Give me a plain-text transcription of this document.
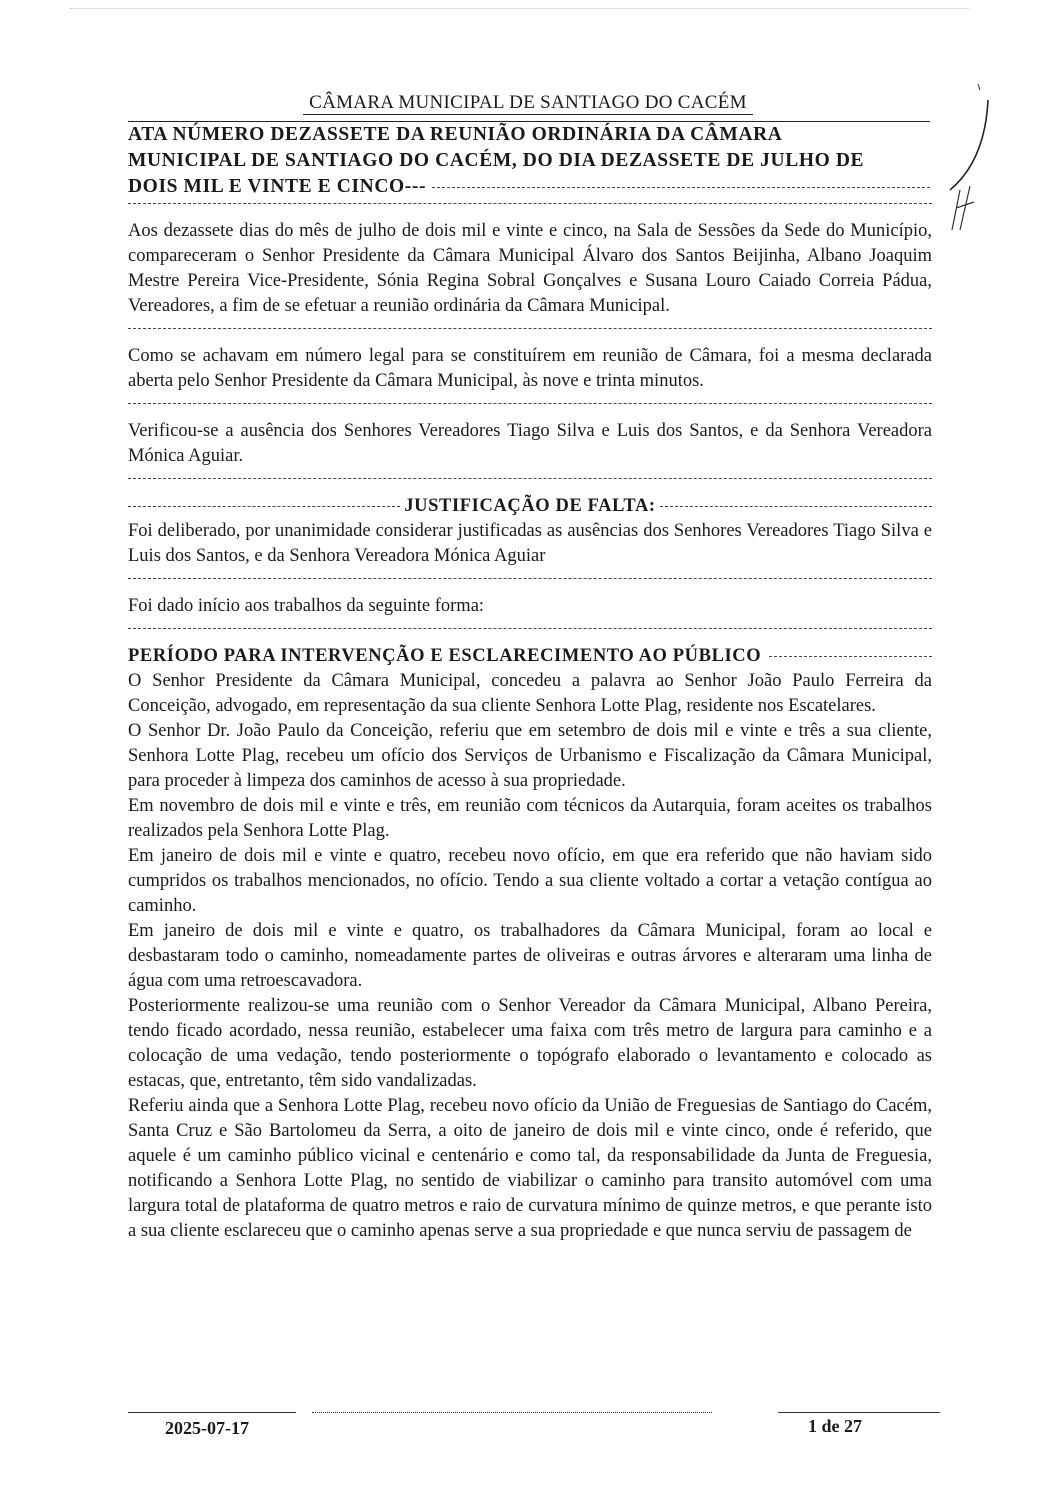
CÂMARA MUNICIPAL DE SANTIAGO DO CACÉM
ATA NÚMERO DEZASSETE DA REUNIÃO ORDINÁRIA DA CÂMARA
MUNICIPAL DE SANTIAGO DO CACÉM, DO DIA DEZASSETE DE JULHO DE
DOIS MIL E VINTE E CINCO---

Aos dezassete dias do mês de julho de dois mil e vinte e cinco, na Sala de Sessões da Sede do Município, compareceram o Senhor Presidente da Câmara Municipal Álvaro dos Santos Beijinha, Albano Joaquim Mestre Pereira Vice-Presidente, Sónia Regina Sobral Gonçalves e Susana Louro Caiado Correia Pádua, Vereadores, a fim de se efetuar a reunião ordinária da Câmara Municipal.

Como se achavam em número legal para se constituírem em reunião de Câmara, foi a mesma declarada aberta pelo Senhor Presidente da Câmara Municipal, às nove e trinta minutos.

Verificou-se a ausência dos Senhores Vereadores Tiago Silva e Luis dos Santos, e da Senhora Vereadora Mónica Aguiar.

JUSTIFICAÇÃO DE FALTA:

Foi deliberado, por unanimidade considerar justificadas as ausências dos Senhores Vereadores Tiago Silva e Luis dos Santos, e da Senhora Vereadora Mónica Aguiar

Foi dado início aos trabalhos da seguinte forma:

PERÍODO PARA INTERVENÇÃO E ESCLARECIMENTO AO PÚBLICO

O Senhor Presidente da Câmara Municipal, concedeu a palavra ao Senhor João Paulo Ferreira da Conceição, advogado, em representação da sua cliente Senhora Lotte Plag, residente nos Escatelares.

O Senhor Dr. João Paulo da Conceição, referiu que em setembro de dois mil e vinte e três a sua cliente, Senhora Lotte Plag, recebeu um ofício dos Serviços de Urbanismo e Fiscalização da Câmara Municipal, para proceder à limpeza dos caminhos de acesso à sua propriedade.

Em novembro de dois mil e vinte e três, em reunião com técnicos da Autarquia, foram aceites os trabalhos realizados pela Senhora Lotte Plag.

Em janeiro de dois mil e vinte e quatro, recebeu novo ofício, em que era referido que não haviam sido cumpridos os trabalhos mencionados, no ofício. Tendo a sua cliente voltado a cortar a vetação contígua ao caminho.

Em janeiro de dois mil e vinte e quatro, os trabalhadores da Câmara Municipal, foram ao local e desbastaram todo o caminho, nomeadamente partes de oliveiras e outras árvores e alteraram uma linha de água com uma retroescavadora.

Posteriormente realizou-se uma reunião com o Senhor Vereador da Câmara Municipal, Albano Pereira, tendo ficado acordado, nessa reunião, estabelecer uma faixa com três metro de largura para caminho e a colocação de uma vedação, tendo posteriormente o topógrafo elaborado o levantamento e colocado as estacas, que, entretanto, têm sido vandalizadas.

Referiu ainda que a Senhora Lotte Plag, recebeu novo ofício da União de Freguesias de Santiago do Cacém, Santa Cruz e São Bartolomeu da Serra, a oito de janeiro de dois mil e vinte cinco, onde é referido, que aquele é um caminho público vicinal e centenário e como tal, da responsabilidade da Junta de Freguesia, notificando a Senhora Lotte Plag, no sentido de viabilizar o caminho para transito automóvel com uma largura total de plataforma de quatro metros e raio de curvatura mínimo de quinze metros, e que perante isto a sua cliente esclareceu que o caminho apenas serve a sua propriedade e que nunca serviu de passagem de

2025-07-17	1 de 27
